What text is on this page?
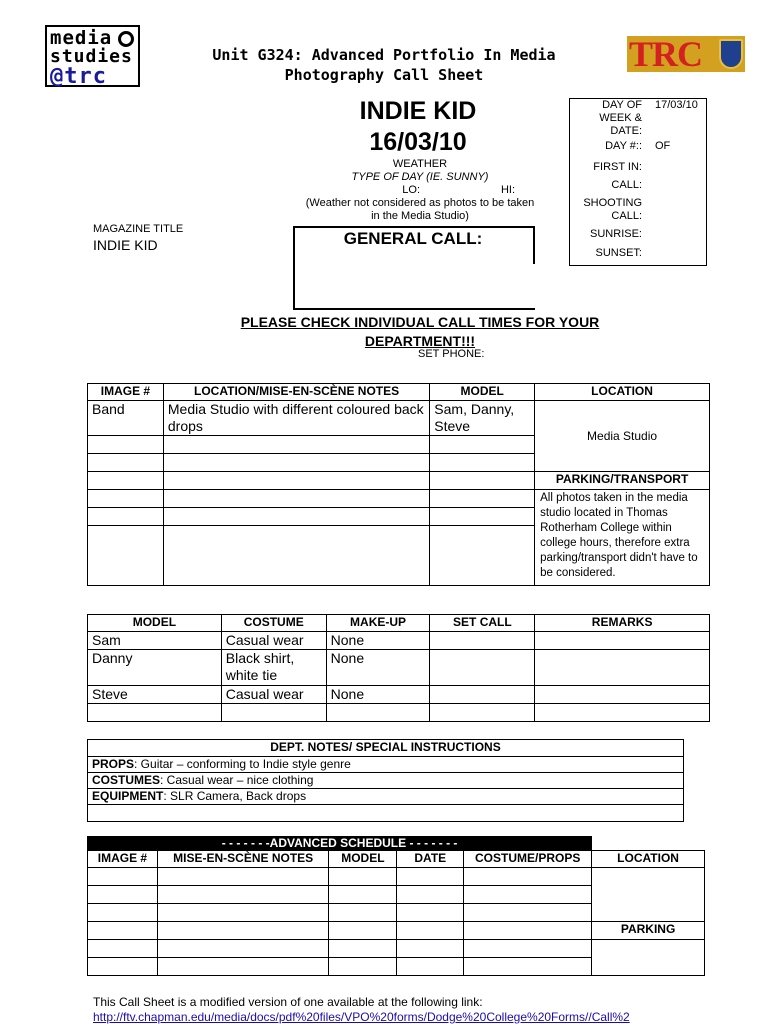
media
studies
@trc
Unit G324: Advanced Portfolio In Media
Photography Call Sheet
TRC
INDIE KID
16/03/10
WEATHER
TYPE OF DAY (IE. SUNNY)
LO:	HI:
(Weather not considered as photos to be taken in the Media Studio)
DAY OF WEEK & DATE:
17/03/10
DAY #:: OF
FIRST IN:
CALL:
SHOOTING CALL:
SUNRISE:
SUNSET:
MAGAZINE TITLE
INDIE KID	GENERAL CALL:
PLEASE CHECK INDIVIDUAL CALL TIMES FOR YOUR DEPARTMENT!!!
SET PHONE:
IMAGE #	LOCATION/MISE-EN-SCÈNE NOTES	MODEL	LOCATION
Band	Media Studio with different coloured back drops	Sam, Danny, Steve	Media Studio

			PARKING/TRANSPORT
			All photos taken in the media studio located in Thomas Rotherham College within college hours, therefore extra parking/transport didn't have to be considered.

MODEL	COSTUME	MAKE-UP	SET CALL	REMARKS
Sam	Casual wear	None		
Danny	Black shirt, white tie	None		
Steve	Casual wear	None		

DEPT. NOTES/ SPECIAL INSTRUCTIONS
PROPS: Guitar – conforming to Indie style genre
COSTUMES: Casual wear – nice clothing
EQUIPMENT: SLR Camera, Back drops

- - - - - - -ADVANCED SCHEDULE - - - - - - -					
IMAGE #	MISE-EN-SCÈNE NOTES	MODEL	DATE	COSTUME/PROPS	LOCATION

					PARKING

This Call Sheet is a modified version of one available at the following link:
http://ftv.chapman.edu/media/docs/pdf%20files/VPO%20forms/Dodge%20College%20Forms//Call%2
